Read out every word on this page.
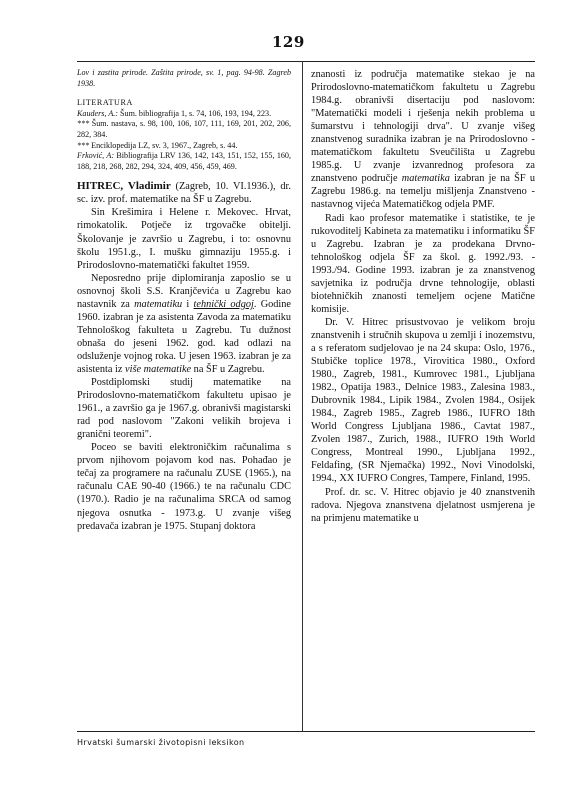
129

Lov i zastita prirode. Zaštita prirode, sv. 1, pag. 94-98. Zagreb 1938.

LITERATURA

Kauders, A.: Šum. bibliografija 1, s. 74, 106, 193, 194, 223.

*** Šum. nastava, s. 98, 100, 106, 107, 111, 169, 201, 202, 206, 282, 384.

*** Enciklopedija LZ, sv. 3, 1967., Zagreb, s. 44.

Frković, A: Bibliografija LRV 136, 142, 143, 151, 152, 155, 160, 188, 218, 268, 282, 294, 324, 409, 456, 459, 469.

HITREC, Vladimir (Zagreb, 10. VI.1936.), dr. sc. izv. prof. matematike na ŠF u Zagrebu.

Sin Krešimira i Helene r. Mekovec. Hrvat, rimokatolik. Potječe iz trgovačke obitelji. Školovanje je završio u Zagrebu, i to: osnovnu školu 1951.g., I. mušku gimnaziju 1955.g. i Prirodoslovno-matematički fakultet 1959.

Neposredno prije diplomiranja zaposlio se u osnovnoj školi S.S. Kranjčevića u Zagrebu kao nastavnik za matematiku i tehnički odgoj. Godine 1960. izabran je za asistenta Zavoda za matematiku Tehnološkog fakulteta u Zagrebu. Tu dužnost obnaša do jeseni 1962. god. kad odlazi na odsluženje vojnog roka. U jesen 1963. izabran je za asistenta iz više matematike na ŠF u Zagrebu.

Postdiplomski studij matematike na Prirodoslovno-matematičkom fakultetu upisao je 1961., a završio ga je 1967.g. obranivši magistarski rad pod naslovom "Zakoni velikih brojeva i granični teoremi".

Poceo se baviti elektroničkim računalima s prvom njihovom pojavom kod nas. Pohađao je tečaj za programere na računalu ZUSE (1965.), na računalu CAE 90-40 (1966.) te na računalu CDC (1970.). Radio je na računalima SRCA od samog njegova osnutka - 1973.g. U zvanje višeg predavača izabran je 1975. Stupanj doktora

znanosti iz područja matematike stekao je na Prirodoslovno-matematičkom fakultetu u Zagrebu 1984.g. obranivši disertaciju pod naslovom: "Matematički modeli i rješenja nekih problema u šumarstvu i tehnologiji drva". U zvanje višeg znanstvenog suradnika izabran je na Prirodoslovno - matematičkom fakultetu Sveučilišta u Zagrebu 1985.g. U zvanje izvanrednog profesora za znanstveno područje matematika izabran je na ŠF u Zagrebu 1986.g. na temelju mišljenja Znanstveno - nastavnog vijeća Matematičkog odjela PMF.

Radi kao profesor matematike i statistike, te je rukovoditelj Kabineta za matematiku i informatiku ŠF u Zagrebu. Izabran je za prodekana Drvno-tehnološkog odjela ŠF za škol. g. 1992./93. - 1993./94. Godine 1993. izabran je za znanstvenog savjetnika iz područja drvne tehnologije, oblasti biotehničkih znanosti temeljem ocjene Matične komisije.

Dr. V. Hitrec prisustvovao je velikom broju znanstvenih i stručnih skupova u zemlji i inozemstvu, a s referatom sudjelovao je na 24 skupa: Oslo, 1976., Stubičke toplice 1978., Virovitica 1980., Oxford 1980., Zagreb, 1981., Kumrovec 1981., Ljubljana 1982., Opatija 1983., Delnice 1983., Zalesina 1983., Dubrovnik 1984., Lipik 1984., Zvolen 1984., Osijek 1984., Zagreb 1985., Zagreb 1986., IUFRO 18th World Congress Ljubljana 1986., Cavtat 1987., Zvolen 1987., Zurich, 1988., IUFRO 19th World Congress, Montreal 1990., Ljubljana 1992., Feldafing, (SR Njemačka) 1992., Novi Vinodolski, 1994., XX IUFRO Congres, Tampere, Finland, 1995.

Prof. dr. sc. V. Hitrec objavio je 40 znanstvenih radova. Njegova znanstvena djelatnost usmjerena je na primjenu matematike u

Hrvatski šumarski životopisni leksikon
